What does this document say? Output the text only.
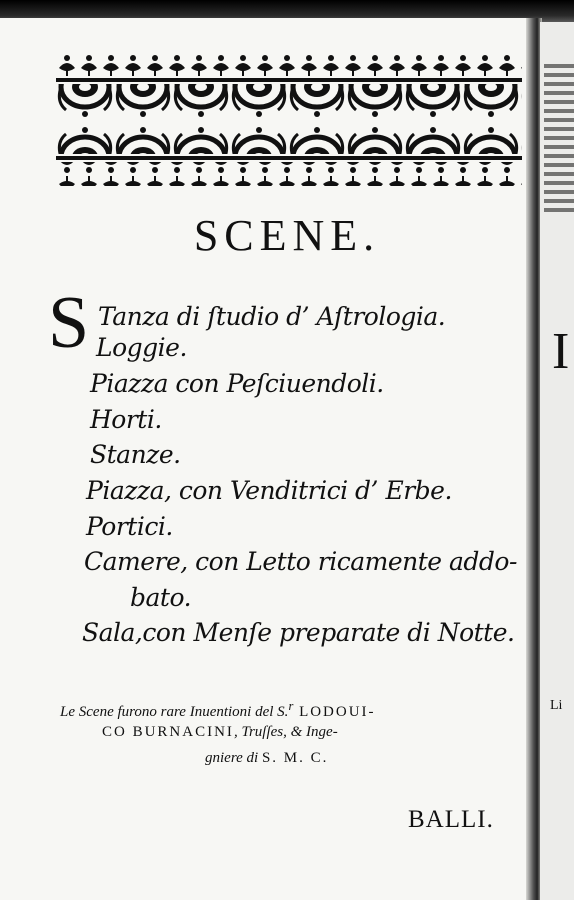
I
Li
SCENE.
S Tanza di ſtudio d’ Aſtrologia.
Loggie.
Piazza con Peſciuendoli.
Horti.
Stanze.
Piazza, con Venditrici d’ Erbe.
Portici.
Camere, con Letto ricamente addo-
bato.
Sala,con Menſe preparate di Notte.
Le Scene furono rare Inuentioni del S.$^r$ LODOUI-
CO BURNACINI, Truſſes, & Inge-
gniere di S. M. C.
BALLI.
